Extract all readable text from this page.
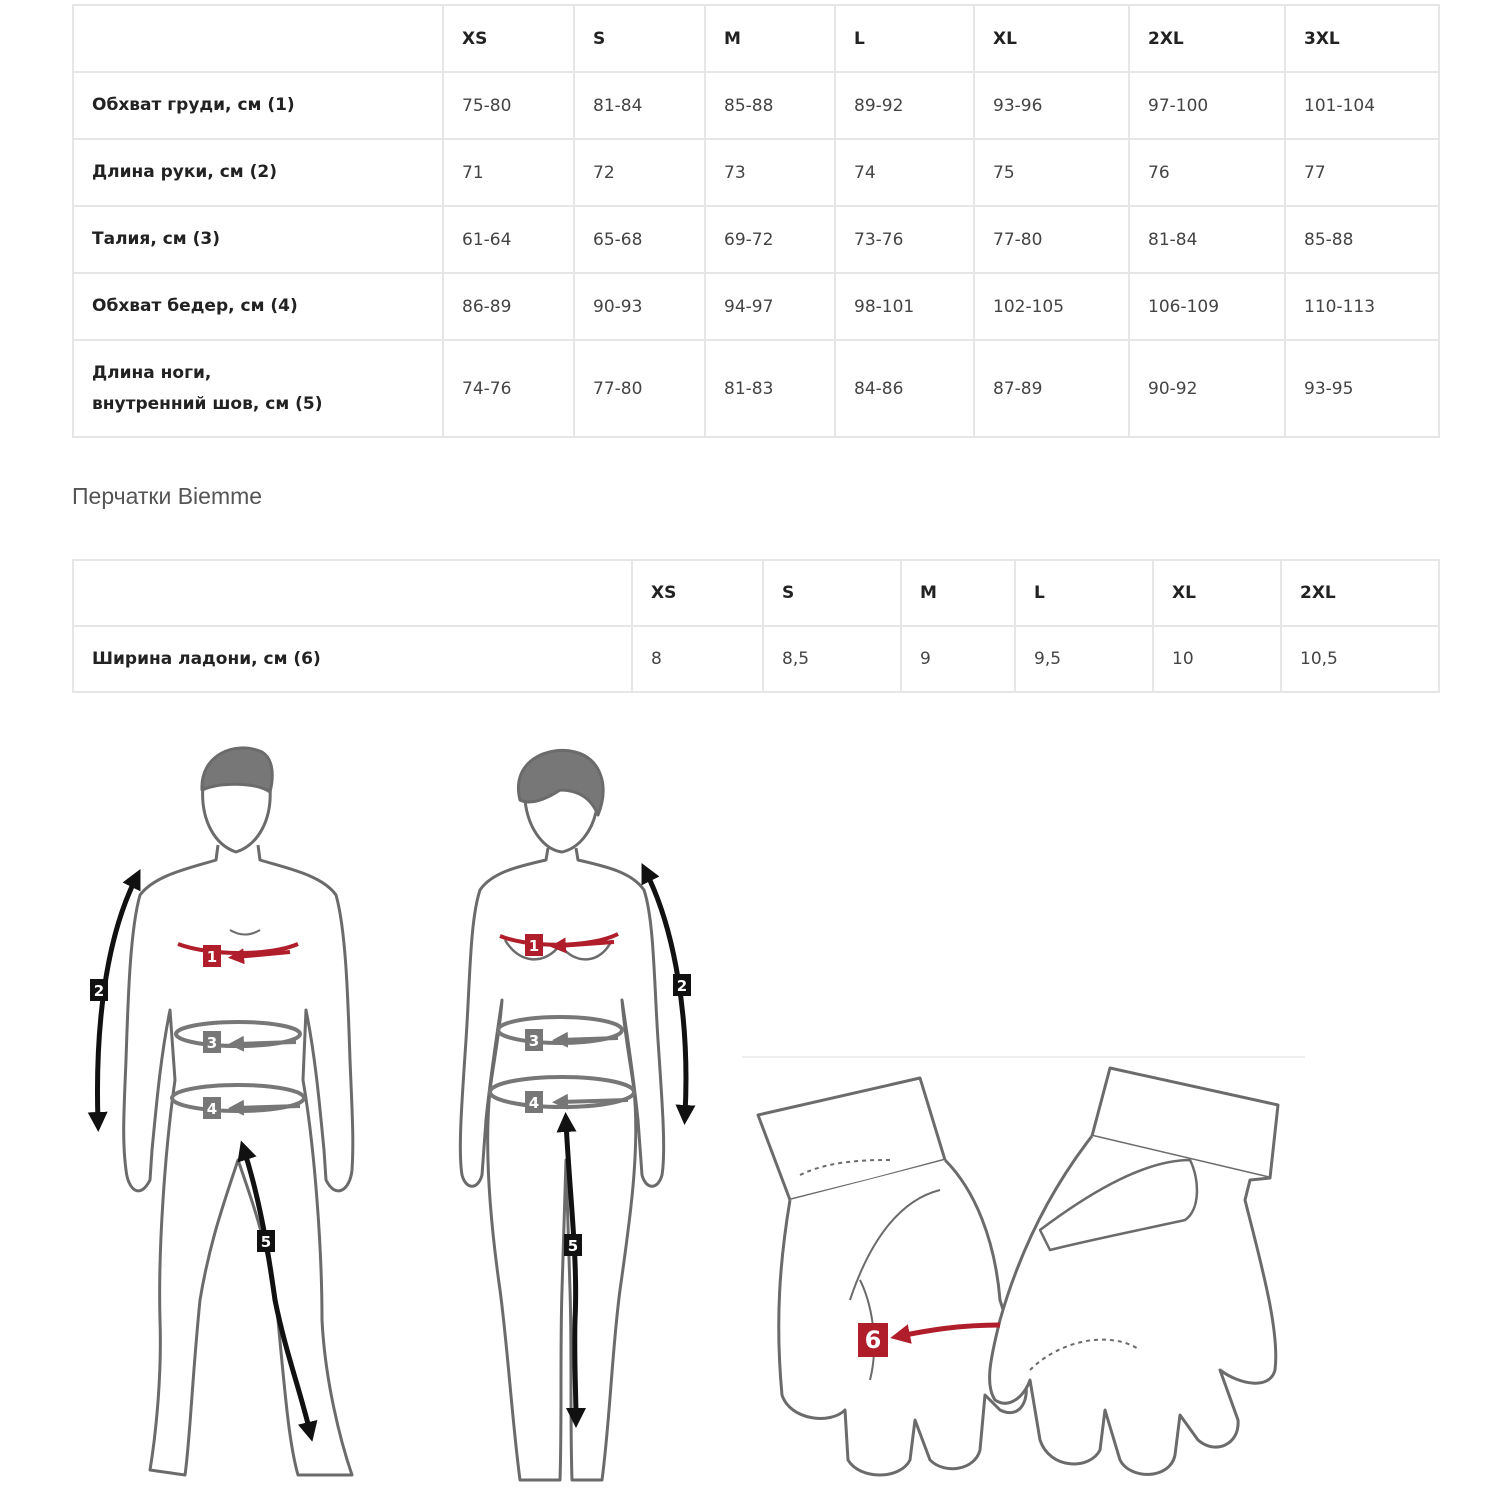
	XS	S	M	L	XL	2XL	3XL
Обхват груди, см (1)	75-80	81-84	85-88	89-92	93-96	97-100	101-104
Длина руки, см (2)	71	72	73	74	75	76	77
Талия, см (3)	61-64	65-68	69-72	73-76	77-80	81-84	85-88
Обхват бедер, см (4)	86-89	90-93	94-97	98-101	102-105	106-109	110-113
Длина ноги,
внутренний шов, см (5)	74-76	77-80	81-83	84-86	87-89	90-92	93-95
Перчатки Biemme
	XS	S	M	L	XL	2XL
Ширина ладони, см (6)	8	8,5	9	9,5	10	10,5
1
2
3
4
5
1
2
3
4
5
6
